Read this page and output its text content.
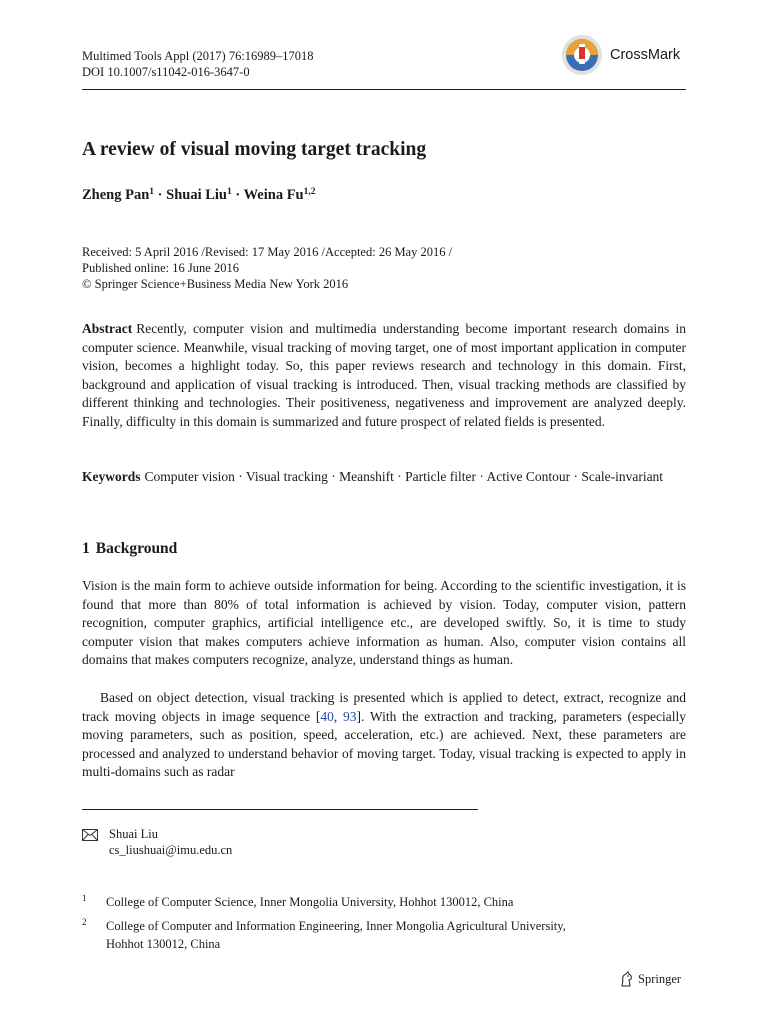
Multimed Tools Appl (2017) 76:16989–17018
DOI 10.1007/s11042-016-3647-0
CrossMark
A review of visual moving target tracking
Zheng Pan$^1$ · Shuai Liu$^1$ · Weina Fu$^{1,2}$
Received: 5 April 2016 /Revised: 17 May 2016 /Accepted: 26 May 2016 /
Published online: 16 June 2016
© Springer Science+Business Media New York 2016
Abstract Recently, computer vision and multimedia understanding become important research domains in computer science. Meanwhile, visual tracking of moving target, one of most important application in computer vision, becomes a highlight today. So, this paper reviews research and technology in this domain. First, background and application of visual tracking is introduced. Then, visual tracking methods are classified by different thinking and technologies. Their positiveness, negativeness and improvement are analyzed deeply. Finally, difficulty in this domain is summarized and future prospect of related fields is presented.
Keywords Computer vision · Visual tracking · Meanshift · Particle filter · Active Contour · Scale-invariant
1 Background
Vision is the main form to achieve outside information for being. According to the scientific investigation, it is found that more than 80% of total information is achieved by vision. Today, computer vision, pattern recognition, computer graphics, artificial intelligence etc., are developed swiftly. So, it is time to study computer vision that makes computers achieve information as human. Also, computer vision contains all domains that makes computers recognize, analyze, understand things as human.
Based on object detection, visual tracking is presented which is applied to detect, extract, recognize and track moving objects in image sequence [40, 93]. With the extraction and tracking, parameters (especially moving parameters, such as position, speed, acceleration, etc.) are achieved. Next, these parameters are processed and analyzed to understand behavior of moving target. Today, visual tracking is expected to apply in multi-domains such as radar
Shuai Liu
cs_liushuai@imu.edu.cn
1 College of Computer Science, Inner Mongolia University, Hohhot 130012, China
2 College of Computer and Information Engineering, Inner Mongolia Agricultural University,
Hohhot 130012, China
Springer
